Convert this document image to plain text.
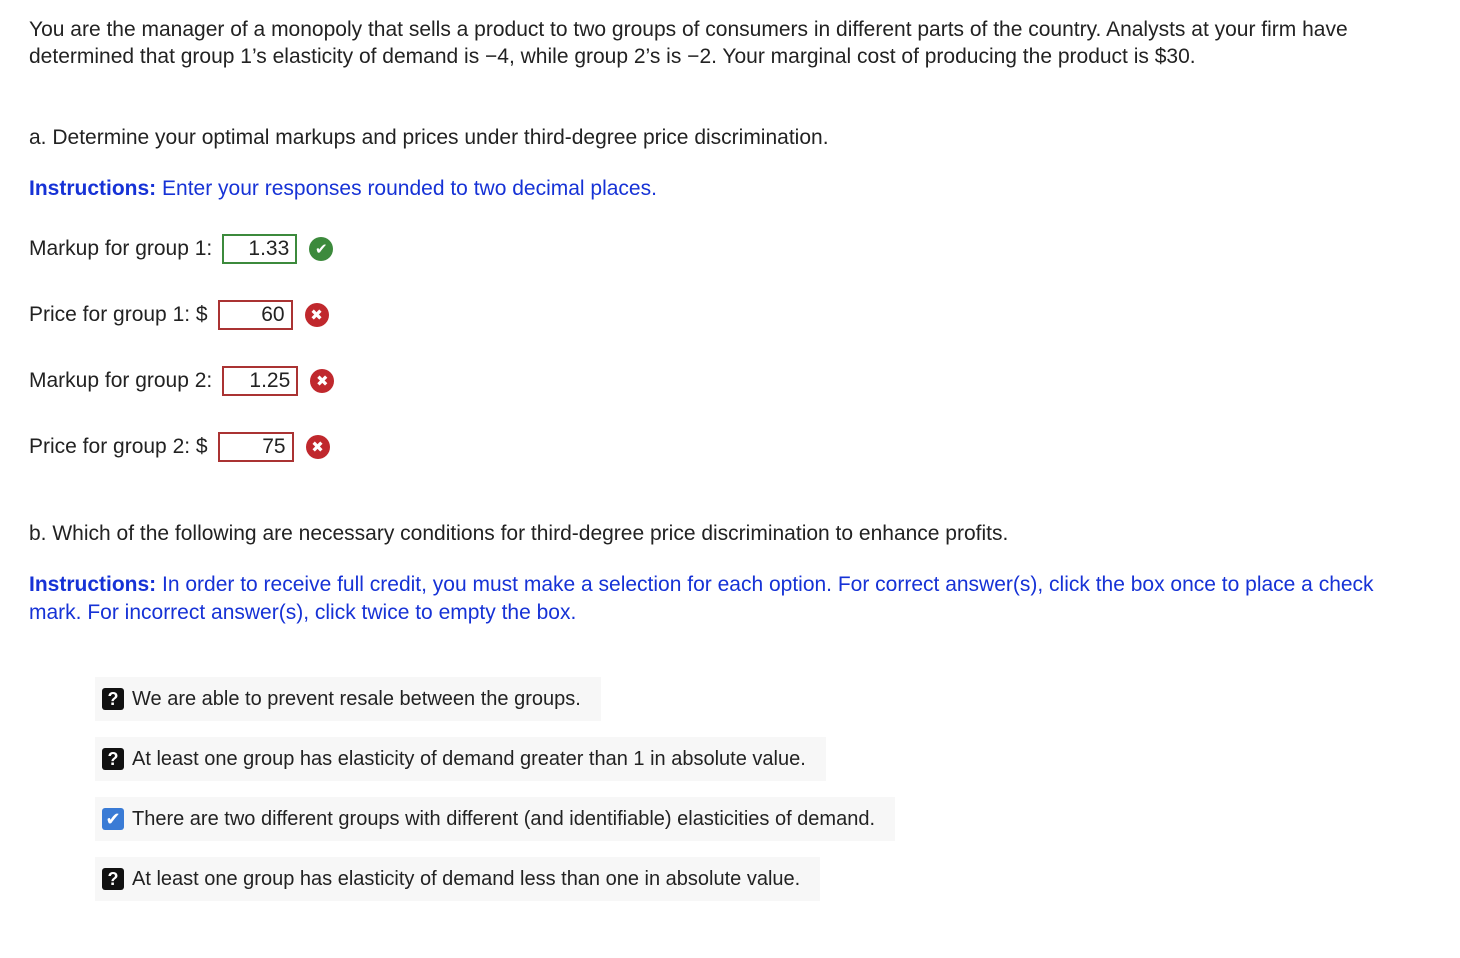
You are the manager of a monopoly that sells a product to two groups of consumers in different parts of the country. Analysts at your firm have determined that group 1’s elasticity of demand is −4, while group 2’s is −2. Your marginal cost of producing the product is $30.

a. Determine your optimal markups and prices under third-degree price discrimination.
Instructions: Enter your responses rounded to two decimal places.
Markup for group 1:
1.33	✔
Price for group 1: $
60	✖
Markup for group 2:
1.25	✖
Price for group 2: $
75	✖
b. Which of the following are necessary conditions for third-degree price discrimination to enhance profits.
Instructions: In order to receive full credit, you must make a selection for each option. For correct answer(s), click the box once to place a check mark. For incorrect answer(s), click twice to empty the box.
? We are able to prevent resale between the groups.
? At least one group has elasticity of demand greater than 1 in absolute value.
✔ There are two different groups with different (and identifiable) elasticities of demand.
? At least one group has elasticity of demand less than one in absolute value.
